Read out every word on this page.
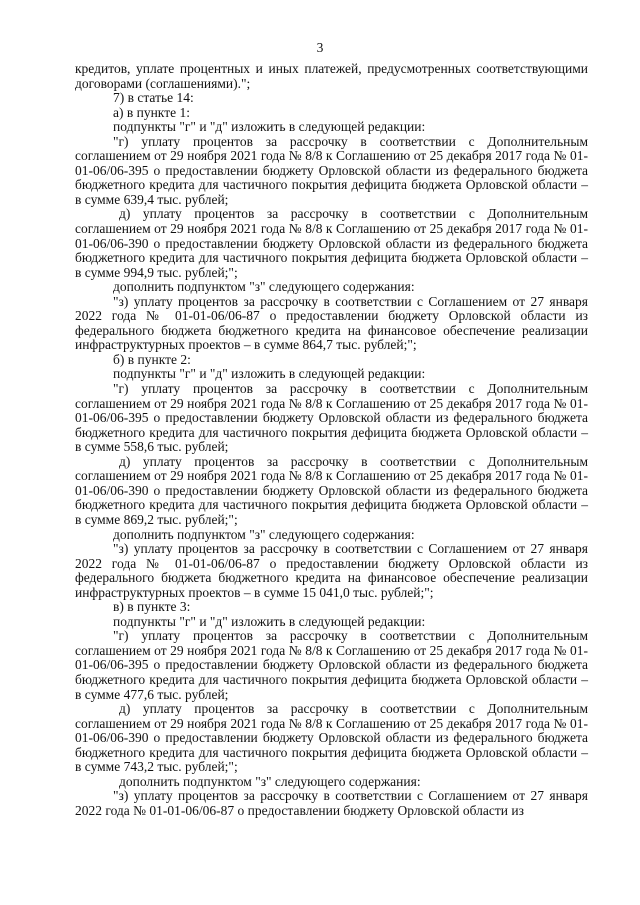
3

кредитов, уплате процентных и иных платежей, предусмотренных соответствующими договорами (соглашениями).";

7) в статье 14:

а) в пункте 1:

подпункты "г" и "д" изложить в следующей редакции:

"г) уплату процентов за рассрочку в соответствии с Дополнительным соглашением от 29 ноября 2021 года № 8/8 к Соглашению от 25 декабря 2017 года № 01-01-06/06-395 о предоставлении бюджету Орловской области из федерального бюджета бюджетного кредита для частичного покрытия дефицита бюджета Орловской области – в сумме 639,4 тыс. рублей;

д) уплату процентов за рассрочку в соответствии с Дополнительным соглашением от 29 ноября 2021 года № 8/8 к Соглашению от 25 декабря 2017 года № 01-01-06/06-390 о предоставлении бюджету Орловской области из федерального бюджета бюджетного кредита для частичного покрытия дефицита бюджета Орловской области – в сумме 994,9 тыс. рублей;";

дополнить подпунктом "з" следующего содержания:

"з) уплату процентов за рассрочку в соответствии с Соглашением от 27 января 2022 года № 01-01-06/06-87 о предоставлении бюджету Орловской области из федерального бюджета бюджетного кредита на финансовое обеспечение реализации инфраструктурных проектов – в сумме 864,7 тыс. рублей;";

б) в пункте 2:

подпункты "г" и "д" изложить в следующей редакции:

"г) уплату процентов за рассрочку в соответствии с Дополнительным соглашением от 29 ноября 2021 года № 8/8 к Соглашению от 25 декабря 2017 года № 01-01-06/06-395 о предоставлении бюджету Орловской области из федерального бюджета бюджетного кредита для частичного покрытия дефицита бюджета Орловской области – в сумме 558,6 тыс. рублей;

д) уплату процентов за рассрочку в соответствии с Дополнительным соглашением от 29 ноября 2021 года № 8/8 к Соглашению от 25 декабря 2017 года № 01-01-06/06-390 о предоставлении бюджету Орловской области из федерального бюджета бюджетного кредита для частичного покрытия дефицита бюджета Орловской области – в сумме 869,2 тыс. рублей;";

дополнить подпунктом "з" следующего содержания:

"з) уплату процентов за рассрочку в соответствии с Соглашением от 27 января 2022 года № 01-01-06/06-87 о предоставлении бюджету Орловской области из федерального бюджета бюджетного кредита на финансовое обеспечение реализации инфраструктурных проектов – в сумме 15 041,0 тыс. рублей;";

в) в пункте 3:

подпункты "г" и "д" изложить в следующей редакции:

"г) уплату процентов за рассрочку в соответствии с Дополнительным соглашением от 29 ноября 2021 года № 8/8 к Соглашению от 25 декабря 2017 года № 01-01-06/06-395 о предоставлении бюджету Орловской области из федерального бюджета бюджетного кредита для частичного покрытия дефицита бюджета Орловской области – в сумме 477,6 тыс. рублей;

д) уплату процентов за рассрочку в соответствии с Дополнительным соглашением от 29 ноября 2021 года № 8/8 к Соглашению от 25 декабря 2017 года № 01-01-06/06-390 о предоставлении бюджету Орловской области из федерального бюджета бюджетного кредита для частичного покрытия дефицита бюджета Орловской области – в сумме 743,2 тыс. рублей;";

дополнить подпунктом "з" следующего содержания:

"з) уплату процентов за рассрочку в соответствии с Соглашением от 27 января 2022 года № 01-01-06/06-87 о предоставлении бюджету Орловской области из
